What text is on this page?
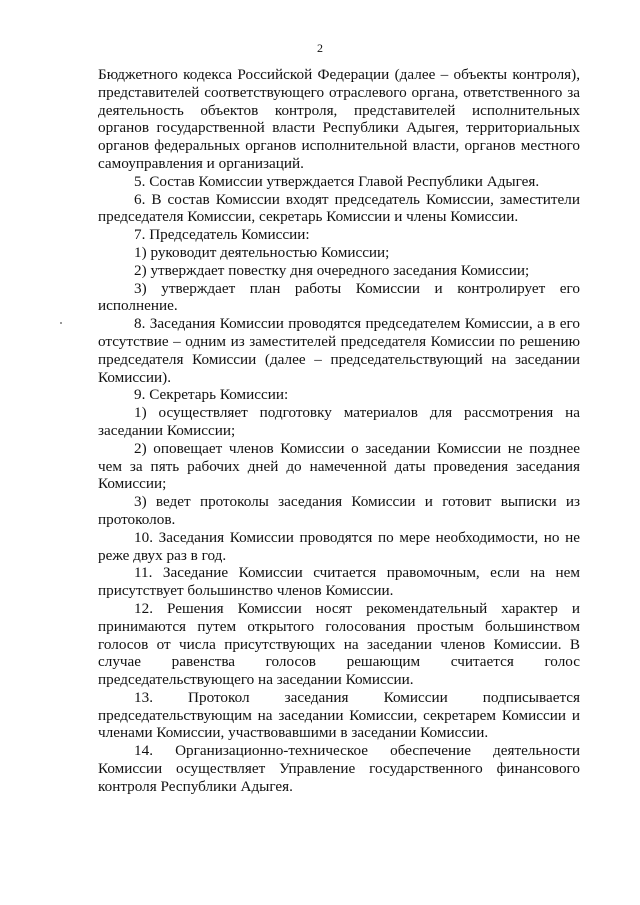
2

Бюджетного кодекса Российской Федерации (далее – объекты контроля), представителей соответствующего отраслевого органа, ответственного за деятельность объектов контроля, представителей исполнительных органов государственной власти Республики Адыгея, территориальных органов федеральных органов исполнительной власти, органов местного самоуправления и организаций.

5. Состав Комиссии утверждается Главой Республики Адыгея.

6. В состав Комиссии входят председатель Комиссии, заместители председателя Комиссии, секретарь Комиссии и члены Комиссии.

7. Председатель Комиссии:

1) руководит деятельностью Комиссии;

2) утверждает повестку дня очередного заседания Комиссии;

3) утверждает план работы Комиссии и контролирует его исполнение.

8. Заседания Комиссии проводятся председателем Комиссии, а в его отсутствие – одним из заместителей председателя Комиссии по решению председателя Комиссии (далее – председательствующий на заседании Комиссии).

9. Секретарь Комиссии:

1) осуществляет подготовку материалов для рассмотрения на заседании Комиссии;

2) оповещает членов Комиссии о заседании Комиссии не позднее чем за пять рабочих дней до намеченной даты проведения заседания Комиссии;

3) ведет протоколы заседания Комиссии и готовит выписки из протоколов.

10. Заседания Комиссии проводятся по мере необходимости, но не реже двух раз в год.

11. Заседание Комиссии считается правомочным, если на нем присутствует большинство членов Комиссии.

12. Решения Комиссии носят рекомендательный характер и принимаются путем открытого голосования простым большинством голосов от числа присутствующих на заседании членов Комиссии. В случае равенства голосов решающим считается голос председательствующего на заседании Комиссии.

13. Протокол заседания Комиссии подписывается председательствующим на заседании Комиссии, секретарем Комиссии и членами Комиссии, участвовавшими в заседании Комиссии.

14. Организационно-техническое обеспечение деятельности Комиссии осуществляет Управление государственного финансового контроля Республики Адыгея.
